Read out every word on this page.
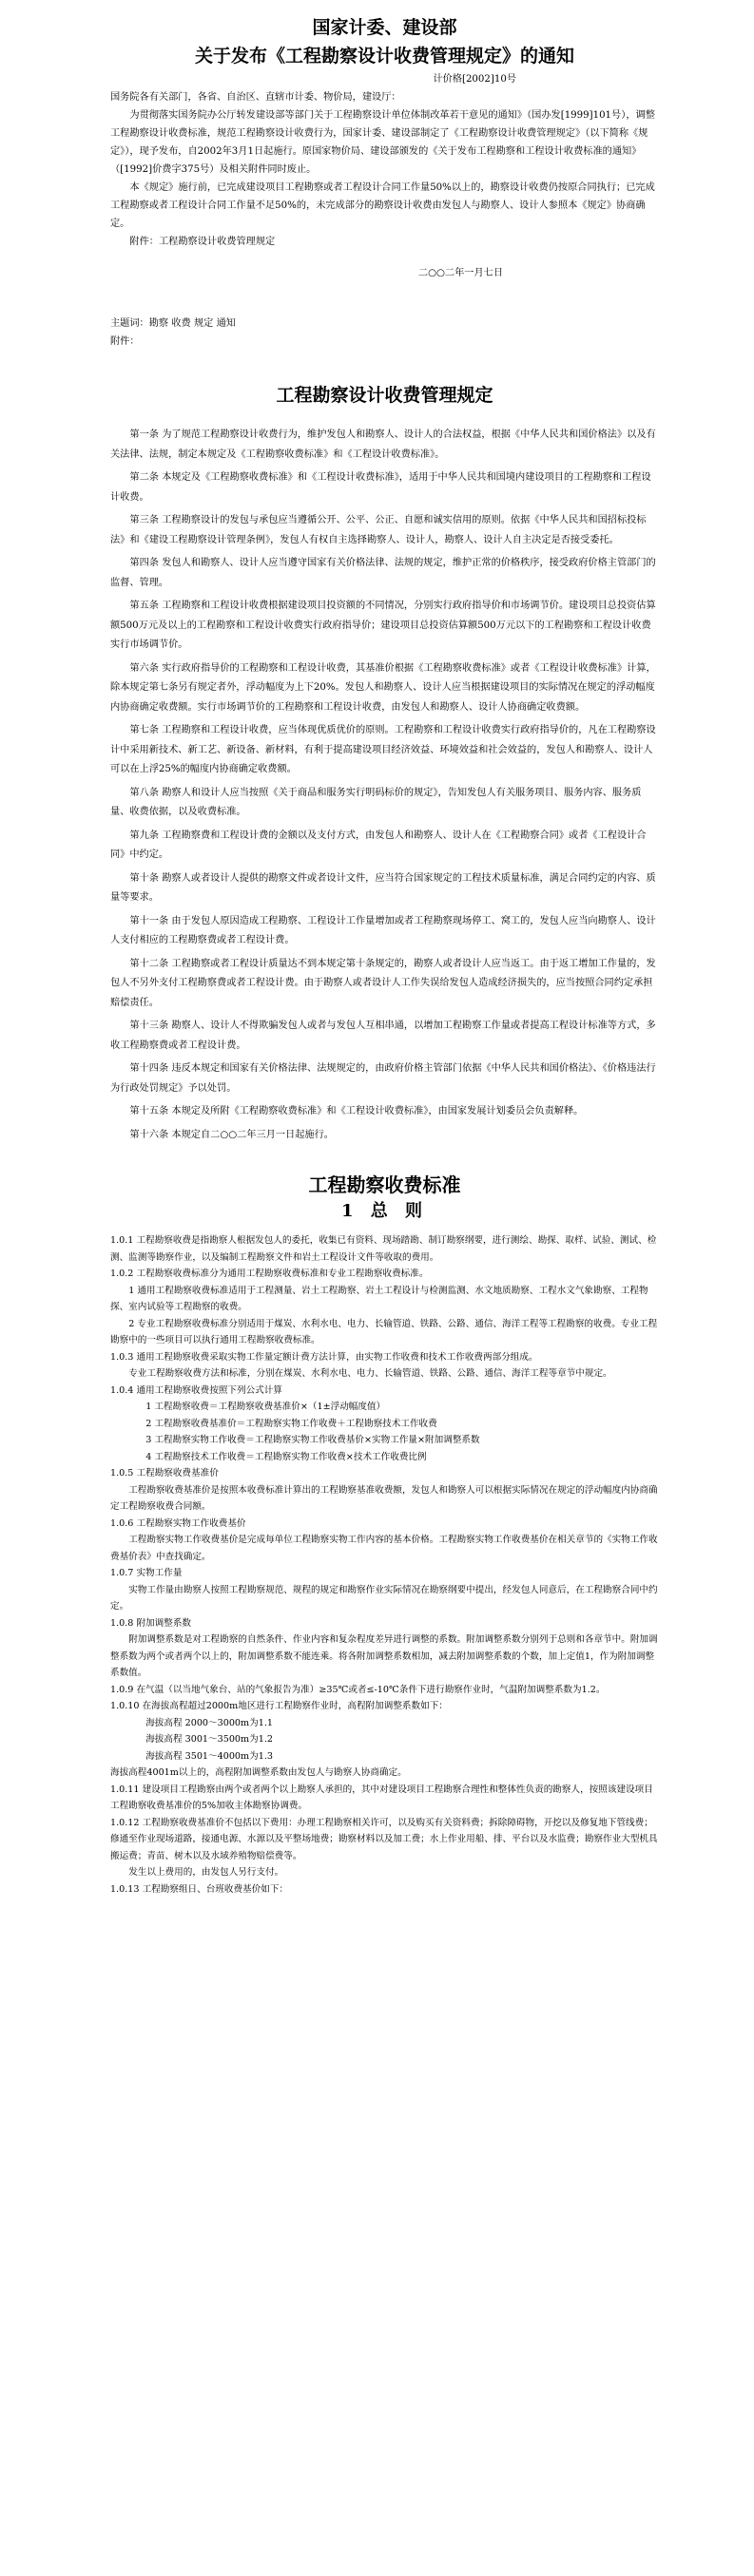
国家计委、建设部
关于发布《工程勘察设计收费管理规定》的通知
计价格[2002]10号

国务院各有关部门，各省、自治区、直辖市计委、物价局，建设厅：

为贯彻落实国务院办公厅转发建设部等部门关于工程勘察设计单位体制改革若干意见的通知》（国办发[1999]101号），调整工程勘察设计收费标准，规范工程勘察设计收费行为，国家计委、建设部制定了《工程勘察设计收费管理规定》（以下简称《规定》），现予发布，自2002年3月1日起施行。原国家物价局、建设部颁发的《关于发布工程勘察和工程设计收费标准的通知》（[1992]价费字375号）及相关附件同时废止。

本《规定》施行前，已完成建设项目工程勘察或者工程设计合同工作量50%以上的，勘察设计收费仍按原合同执行；已完成工程勘察或者工程设计合同工作量不足50%的，未完成部分的勘察设计收费由发包人与勘察人、设计人参照本《规定》协商确定。

附件：工程勘察设计收费管理规定

二○○二年一月七日
主题词：勘察 收费 规定 通知
附件：
工程勘察设计收费管理规定

第一条 为了规范工程勘察设计收费行为，维护发包人和勘察人、设计人的合法权益，根据《中华人民共和国价格法》以及有关法律、法规，制定本规定及《工程勘察收费标准》和《工程设计收费标准》。

第二条 本规定及《工程勘察收费标准》和《工程设计收费标准》，适用于中华人民共和国境内建设项目的工程勘察和工程设计收费。

第三条 工程勘察设计的发包与承包应当遵循公开、公平、公正、自愿和诚实信用的原则。依据《中华人民共和国招标投标法》和《建设工程勘察设计管理条例》，发包人有权自主选择勘察人、设计人，勘察人、设计人自主决定是否接受委托。

第四条 发包人和勘察人、设计人应当遵守国家有关价格法律、法规的规定，维护正常的价格秩序，接受政府价格主管部门的监督、管理。

第五条 工程勘察和工程设计收费根据建设项目投资额的不同情况，分别实行政府指导价和市场调节价。建设项目总投资估算额500万元及以上的工程勘察和工程设计收费实行政府指导价；建设项目总投资估算额500万元以下的工程勘察和工程设计收费实行市场调节价。

第六条 实行政府指导价的工程勘察和工程设计收费，其基准价根据《工程勘察收费标准》或者《工程设计收费标准》计算，除本规定第七条另有规定者外，浮动幅度为上下20%。发包人和勘察人、设计人应当根据建设项目的实际情况在规定的浮动幅度内协商确定收费额。实行市场调节价的工程勘察和工程设计收费，由发包人和勘察人、设计人协商确定收费额。

第七条 工程勘察和工程设计收费，应当体现优质优价的原则。工程勘察和工程设计收费实行政府指导价的，凡在工程勘察设计中采用新技术、新工艺、新设备、新材料，有利于提高建设项目经济效益、环境效益和社会效益的，发包人和勘察人、设计人可以在上浮25%的幅度内协商确定收费额。

第八条 勘察人和设计人应当按照《关于商品和服务实行明码标价的规定》，告知发包人有关服务项目、服务内容、服务质量、收费依据，以及收费标准。

第九条 工程勘察费和工程设计费的金额以及支付方式，由发包人和勘察人、设计人在《工程勘察合同》或者《工程设计合同》中约定。

第十条 勘察人或者设计人提供的勘察文件或者设计文件，应当符合国家规定的工程技术质量标准，满足合同约定的内容、质量等要求。

第十一条 由于发包人原因造成工程勘察、工程设计工作量增加或者工程勘察现场停工、窝工的，发包人应当向勘察人、设计人支付相应的工程勘察费或者工程设计费。

第十二条 工程勘察或者工程设计质量达不到本规定第十条规定的，勘察人或者设计人应当返工。由于返工增加工作量的，发包人不另外支付工程勘察费或者工程设计费。由于勘察人或者设计人工作失误给发包人造成经济损失的，应当按照合同约定承担赔偿责任。

第十三条 勘察人、设计人不得欺骗发包人或者与发包人互相串通，以增加工程勘察工作量或者提高工程设计标准等方式，多收工程勘察费或者工程设计费。

第十四条 违反本规定和国家有关价格法律、法规规定的，由政府价格主管部门依据《中华人民共和国价格法》、《价格违法行为行政处罚规定》予以处罚。

第十五条 本规定及所附《工程勘察收费标准》和《工程设计收费标准》，由国家发展计划委员会负责解释。

第十六条 本规定自二○○二年三月一日起施行。

工程勘察收费标准
1 总 则

1.0.1 工程勘察收费是指勘察人根据发包人的委托，收集已有资料、现场踏勘、制订勘察纲要，进行测绘、勘探、取样、试验、测试、检测、监测等勘察作业，以及编制工程勘察文件和岩土工程设计文件等收取的费用。

1.0.2 工程勘察收费标准分为通用工程勘察收费标准和专业工程勘察收费标准。

1 通用工程勘察收费标准适用于工程测量、岩土工程勘察、岩土工程设计与检测监测、水文地质勘察、工程水文气象勘察、工程物探、室内试验等工程勘察的收费。

2 专业工程勘察收费标准分别适用于煤炭、水利水电、电力、长输管道、铁路、公路、通信、海洋工程等工程勘察的收费。专业工程勘察中的一些项目可以执行通用工程勘察收费标准。

1.0.3 通用工程勘察收费采取实物工作量定额计费方法计算，由实物工作收费和技术工作收费两部分组成。

专业工程勘察收费方法和标准，分别在煤炭、水利水电、电力、长输管道、铁路、公路、通信、海洋工程等章节中规定。

1.0.4 通用工程勘察收费按照下列公式计算

1 工程勘察收费＝工程勘察收费基准价×（1±浮动幅度值）

2 工程勘察收费基准价＝工程勘察实物工作收费＋工程勘察技术工作收费

3 工程勘察实物工作收费＝工程勘察实物工作收费基价×实物工作量×附加调整系数

4 工程勘察技术工作收费＝工程勘察实物工作收费×技术工作收费比例

1.0.5 工程勘察收费基准价

工程勘察收费基准价是按照本收费标准计算出的工程勘察基准收费额，发包人和勘察人可以根据实际情况在规定的浮动幅度内协商确定工程勘察收费合同额。

1.0.6 工程勘察实物工作收费基价

工程勘察实物工作收费基价是完成每单位工程勘察实物工作内容的基本价格。工程勘察实物工作收费基价在相关章节的《实物工作收费基价表》中查找确定。

1.0.7 实物工作量

实物工作量由勘察人按照工程勘察规范、规程的规定和勘察作业实际情况在勘察纲要中提出，经发包人同意后，在工程勘察合同中约定。

1.0.8 附加调整系数

附加调整系数是对工程勘察的自然条件、作业内容和复杂程度差异进行调整的系数。附加调整系数分别列于总则和各章节中。附加调整系数为两个或者两个以上的，附加调整系数不能连乘。将各附加调整系数相加，减去附加调整系数的个数，加上定值1，作为附加调整系数值。

1.0.9 在气温（以当地气象台、站的气象报告为准）≥35℃或者≤-10℃条件下进行勘察作业时，气温附加调整系数为1.2。

1.0.10 在海拔高程超过2000m地区进行工程勘察作业时，高程附加调整系数如下：

海拔高程 2000～3000m为1.1

海拔高程 3001～3500m为1.2

海拔高程 3501～4000m为1.3

海拔高程4001m以上的，高程附加调整系数由发包人与勘察人协商确定。

1.0.11 建设项目工程勘察由两个或者两个以上勘察人承担的，其中对建设项目工程勘察合理性和整体性负责的勘察人，按照该建设项目工程勘察收费基准价的5%加收主体勘察协调费。

1.0.12 工程勘察收费基准价不包括以下费用：办理工程勘察相关许可，以及购买有关资料费；拆除障碍物，开挖以及修复地下管线费；修通至作业现场道路，接通电源、水源以及平整场地费；勘察材料以及加工费；水上作业用船、排、平台以及水监费；勘察作业大型机具搬运费；青苗、树木以及水域养殖物赔偿费等。

发生以上费用的，由发包人另行支付。

1.0.13 工程勘察组日、台班收费基价如下：
